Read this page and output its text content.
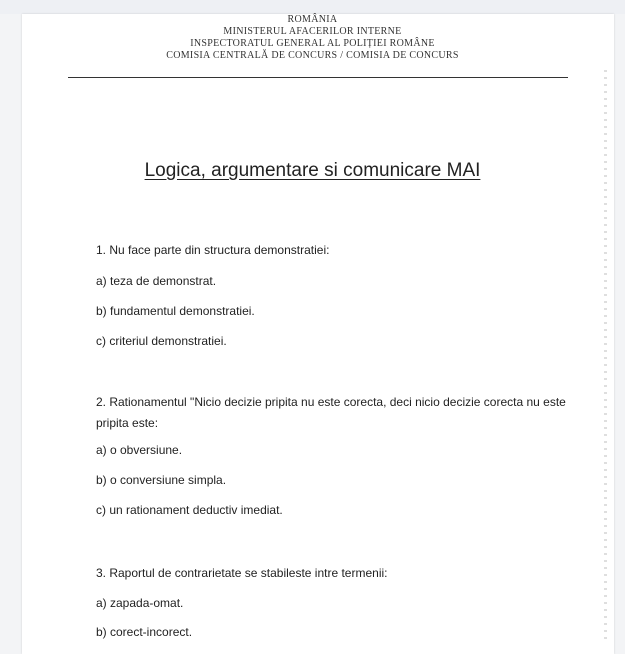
ROMÂNIA
MINISTERUL AFACERILOR INTERNE
INSPECTORATUL GENERAL AL POLIȚIEI ROMÂNE
COMISIA CENTRALĂ DE CONCURS / COMISIA DE CONCURS
Logica, argumentare si comunicare MAI
1. Nu face parte din structura demonstratiei:
a) teza de demonstrat.
b) fundamentul demonstratiei.
c) criteriul demonstratiei.
2. Rationamentul "Nicio decizie pripita nu este corecta, deci nicio decizie corecta nu este pripita este:
a) o obversiune.
b) o conversiune simpla.
c) un rationament deductiv imediat.
3. Raportul de contrarietate se stabileste intre termenii:
a) zapada-omat.
b) corect-incorect.
